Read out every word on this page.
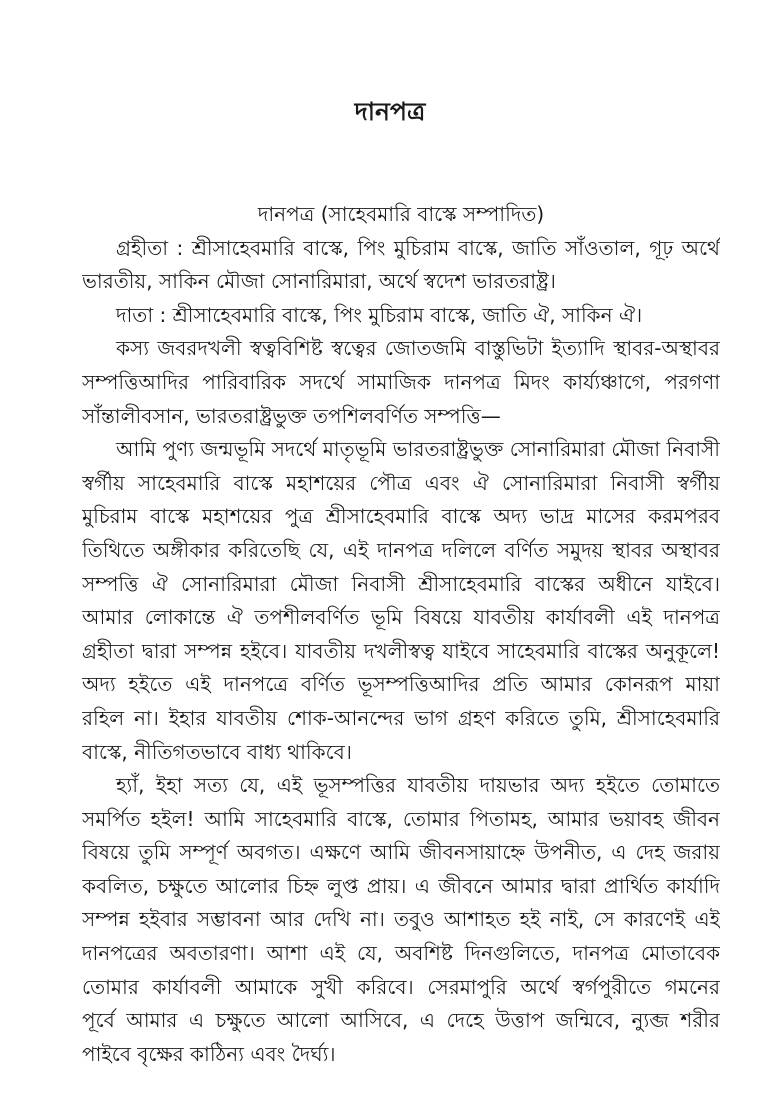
দানপত্র
দানপত্র (সাহেবমারি বাস্কে সম্পাদিত)
গ্রহীতা : শ্রীসাহেবমারি বাস্কে, পিং মুচিরাম বাস্কে, জাতি সাঁওতাল, গূঢ় অর্থে
ভারতীয়, সাকিন মৌজা সোনারিমারা, অর্থে স্বদেশ ভারতরাষ্ট্র।
দাতা : শ্রীসাহেবমারি বাস্কে, পিং মুচিরাম বাস্কে, জাতি ঐ, সাকিন ঐ।
কস্য জবরদখলী স্বত্ববিশিষ্ট স্বত্বের জোতজমি বাস্তুভিটা ইত্যাদি স্থাবর-অস্থাবর
সম্পত্তিআদির পারিবারিক সদর্থে সামাজিক দানপত্র মিদং কার্য্যঞ্চাগে, পরগণা
সাঁন্তালীবসান, ভারতরাষ্ট্রভুক্ত তপশিলবর্ণিত সম্পত্তি—
আমি পুণ্য জন্মভূমি সদর্থে মাতৃভূমি ভারতরাষ্ট্রভুক্ত সোনারিমারা মৌজা নিবাসী
স্বর্গীয় সাহেবমারি বাস্কে মহাশয়ের পৌত্র এবং ঐ সোনারিমারা নিবাসী স্বর্গীয়
মুচিরাম বাস্কে মহাশয়ের পুত্র শ্রীসাহেবমারি বাস্কে অদ্য ভাদ্র মাসের করমপরব
তিথিতে অঙ্গীকার করিতেছি যে, এই দানপত্র দলিলে বর্ণিত সমুদয় স্থাবর অস্থাবর
সম্পত্তি ঐ সোনারিমারা মৌজা নিবাসী শ্রীসাহেবমারি বাস্কের অধীনে যাইবে।
আমার লোকান্তে ঐ তপশীলবর্ণিত ভূমি বিষয়ে যাবতীয় কার্যাবলী এই দানপত্র
গ্রহীতা দ্বারা সম্পন্ন হইবে। যাবতীয় দখলীস্বত্ব যাইবে সাহেবমারি বাস্কের অনুকূলে!
অদ্য হইতে এই দানপত্রে বর্ণিত ভূসম্পত্তিআদির প্রতি আমার কোনরূপ মায়া
রহিল না। ইহার যাবতীয় শোক-আনন্দের ভাগ গ্রহণ করিতে তুমি, শ্রীসাহেবমারি
বাস্কে, নীতিগতভাবে বাধ্য থাকিবে।
হ্যাঁ, ইহা সত্য যে, এই ভূসম্পত্তির যাবতীয় দায়ভার অদ্য হইতে তোমাতে
সমর্পিত হইল! আমি সাহেবমারি বাস্কে, তোমার পিতামহ, আমার ভয়াবহ জীবন
বিষয়ে তুমি সম্পূর্ণ অবগত। এক্ষণে আমি জীবনসায়াহ্নে উপনীত, এ দেহ জরায়
কবলিত, চক্ষুতে আলোর চিহ্ন লুপ্ত প্রায়। এ জীবনে আমার দ্বারা প্রার্থিত কার্যাদি
সম্পন্ন হইবার সম্ভাবনা আর দেখি না। তবুও আশাহত হই নাই, সে কারণেই এই
দানপত্রের অবতারণা। আশা এই যে, অবশিষ্ট দিনগুলিতে, দানপত্র মোতাবেক
তোমার কার্যাবলী আমাকে সুখী করিবে। সেরমাপুরি অর্থে স্বর্গপুরীতে গমনের
পূর্বে আমার এ চক্ষুতে আলো আসিবে, এ দেহে উত্তাপ জন্মিবে, ন্যুব্জ শরীর
পাইবে বৃক্ষের কাঠিন্য এবং দৈর্ঘ্য।
